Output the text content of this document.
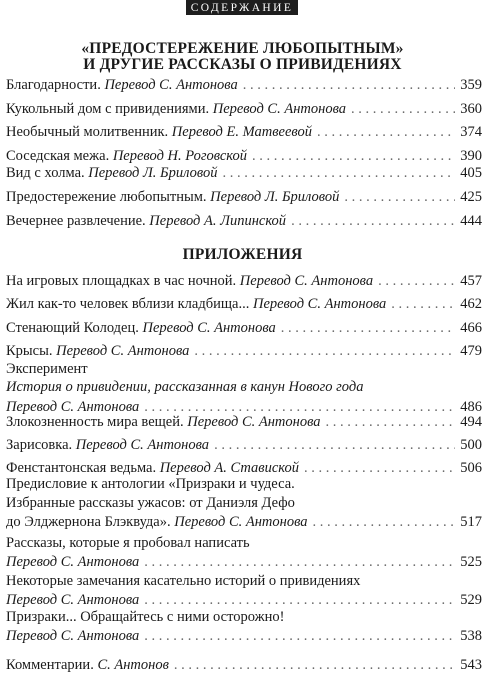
СОДЕРЖАНИЕ
«ПРЕДОСТЕРЕЖЕНИЕ ЛЮБОПЫТНЫМ»
И ДРУГИЕ РАССКАЗЫ О ПРИВИДЕНИЯХ
Благодарности. Перевод С. Антонова . . .	359
Кукольный дом с привидениями. Перевод С. Антонова . . .	360
Необычный молитвенник. Перевод Е. Матвеевой . . .	374
Соседская межа. Перевод Н. Роговской . . .	390
Вид с холма. Перевод Л. Бриловой . . .	405
Предостережение любопытным. Перевод Л. Бриловой . . .	425
Вечернее развлечение. Перевод А. Липинской . . .	444
ПРИЛОЖЕНИЯ
На игровых площадках в час ночной. Перевод С. Антонова . . .	457
Жил как-то человек вблизи кладбища... Перевод С. Антонова . . .	462
Стенающий Колодец. Перевод С. Антонова . . .	466
Крысы. Перевод С. Антонова . . .	479
Эксперимент
История о привидении, рассказанная в канун Нового года
Перевод С. Антонова . . .	486
Злокозненность мира вещей. Перевод С. Антонова . . .	494
Зарисовка. Перевод С. Антонова . . .	500
Фенстантонская ведьма. Перевод А. Ставиской . . .	506
Предисловие к антологии «Призраки и чудеса.
Избранные рассказы ужасов: от Даниэля Дефо
до Элджернона Блэквуда». Перевод С. Антонова . . .	517
Рассказы, которые я пробовал написать
Перевод С. Антонова . . .	525
Некоторые замечания касательно историй о привидениях
Перевод С. Антонова . . .	529
Призраки... Обращайтесь с ними осторожно!
Перевод С. Антонова . . .	538
Комментарии. С. Антонов . . .	543
